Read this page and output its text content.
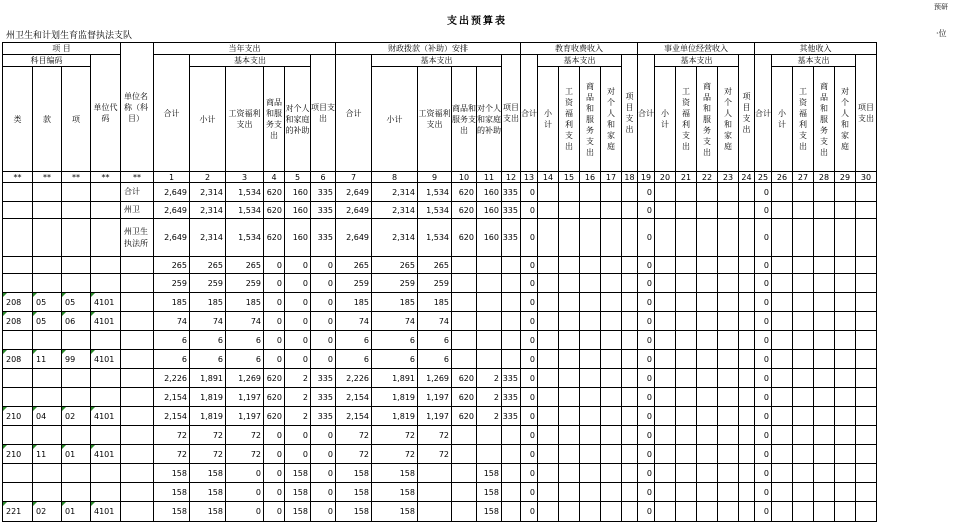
预研
支出预算表
州卫生和计划生育监督执法支队	·位
项 目				单位名称（科目）	当年支出						财政拨款（补助）安排						教育收费收入						事业单位经营收入						其他收入					
科目编码			单位代码		合计	基本支出				项目支出	合计	基本支出				项目支出	合计	基本支出				项目支出	合计	基本支出				项目支出	合计	基本支出				项目支出

类	款	项				小计	工资福利支出	商品和服务支出	对个人和家庭的补助			小计	工资福利支出	商品和服务支出	对个人和家庭的补助			小计	工资福利支出	商品和服务支出	对个人和家庭			小计	工资福利支出	商品和服务支出	对个人和家庭			小计	工资福利支出	商品和服务支出	对个人和家庭	

**	**	**	**	**	1	2	3	4	5	6	7	8	9	10	11	12	13	14	15	16	17	18	19	20	21	22	23	24	25	26	27	28	29	30
				合计	2,649	2,314	1,534	620	160	335	2,649	2,314	1,534	620	160	335	0						0						0					
				州卫	2,649	2,314	1,534	620	160	335	2,649	2,314	1,534	620	160	335	0						0						0					
				州卫生执法所	2,649	2,314	1,534	620	160	335	2,649	2,314	1,534	620	160	335	0						0						0					
					265	265	265	0	0	0	265	265	265				0						0						0					
					259	259	259	0	0	0	259	259	259				0						0						0					

208	05	05	4101		185	185	185	0	0	0	185	185	185				0						0						0					

208	05	06	4101		74	74	74	0	0	0	74	74	74				0						0						0					
					6	6	6	0	0	0	6	6	6				0						0						0					

208	11	99	4101		6	6	6	0	0	0	6	6	6				0						0						0					
					2,226	1,891	1,269	620	2	335	2,226	1,891	1,269	620	2	335	0						0						0					
					2,154	1,819	1,197	620	2	335	2,154	1,819	1,197	620	2	335	0						0						0					

210	04	02	4101		2,154	1,819	1,197	620	2	335	2,154	1,819	1,197	620	2	335	0						0						0					
					72	72	72	0	0	0	72	72	72				0						0						0					

210	11	01	4101		72	72	72	0	0	0	72	72	72				0						0						0					
					158	158	0	0	158	0	158	158			158		0						0						0					
					158	158	0	0	158	0	158	158			158		0						0						0					

221	02	01	4101		158	158	0	0	158	0	158	158			158		0						0						0					
